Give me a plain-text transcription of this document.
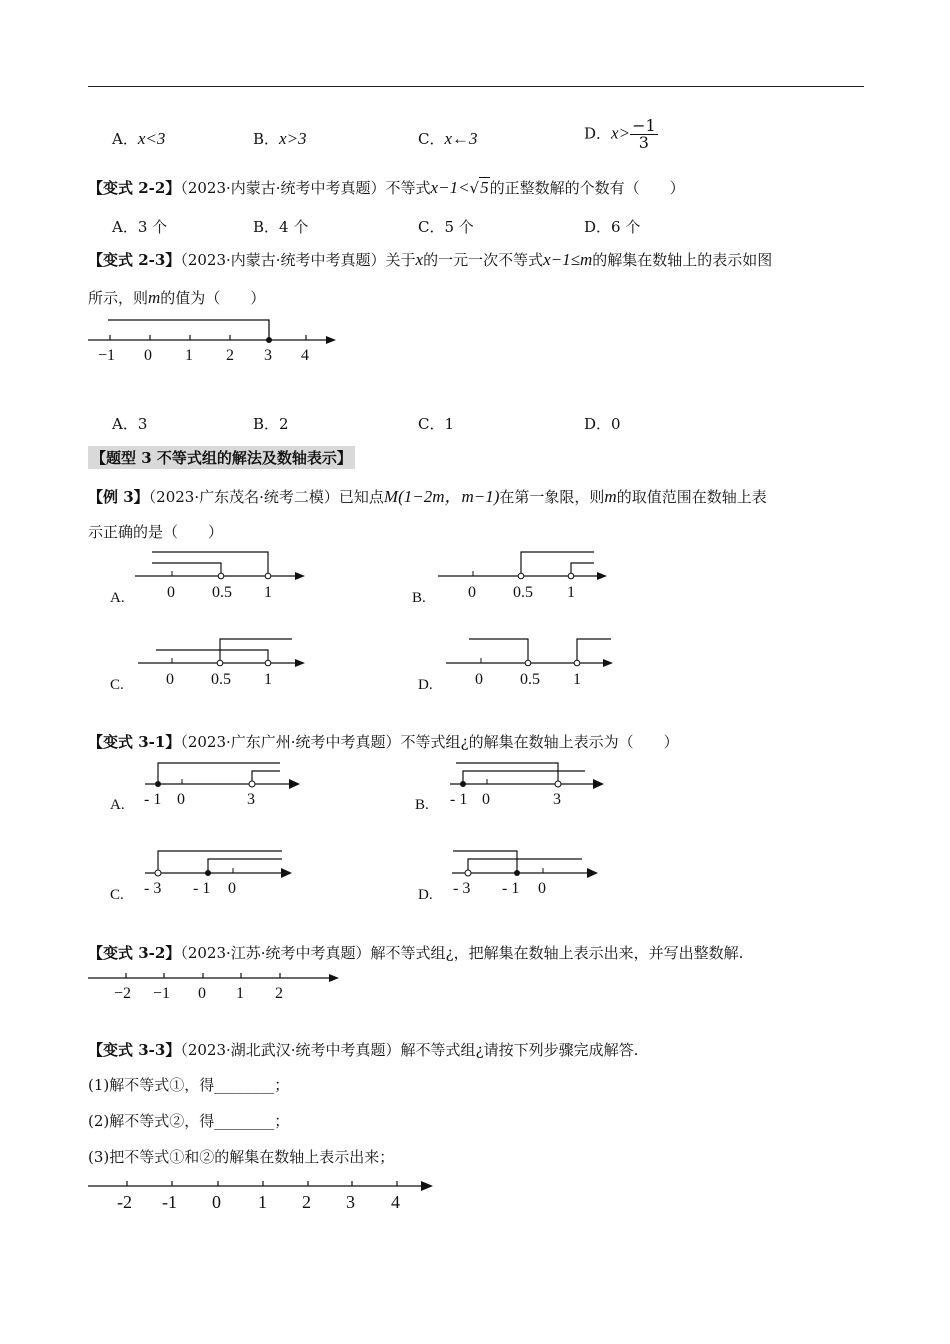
A．x<3	B．x>3	C．x←3	D．$x> \frac{-1}{3}$
【变式 2-2】（2023·内蒙古·统考中考真题）不等式x−1<√5的正整数解的个数有（　　）
A．3 个	B．4 个	C．5 个	D．6 个
【变式 2-3】（2023·内蒙古·统考中考真题）关于x的一元一次不等式x−1≤m的解集在数轴上的表示如图
所示，则m的值为（　　）
−1 0 1 2 3 4
A．3	B．2	C．1	D．0
【题型 3 不等式组的解法及数轴表示】
【例 3】（2023·广东茂名·统考二模）已知点M(1−2m，m−1)在第一象限，则m的取值范围在数轴上表
示正确的是（　　）
0 0.5 1
A.	0 0.5 1
B.
0 0.5 1
C.	0 0.5 1
D.
【变式 3-1】（2023·广东广州·统考中考真题）不等式组¿的解集在数轴上表示为（　　）
- 1 0	3
A.	- 1 0	3
B.
- 3 - 1 0
C.	- 3 - 1 0
D.
【变式 3-2】（2023·江苏·统考中考真题）解不等式组¿，把解集在数轴上表示出来，并写出整数解.
−2 −1 0 1 2
【变式 3-3】（2023·湖北武汉·统考中考真题）解不等式组¿请按下列步骤完成解答.
(1)解不等式①，得________；
(2)解不等式②，得________；
(3)把不等式①和②的解集在数轴上表示出来；
-2 -1 0 1 2 3 4
